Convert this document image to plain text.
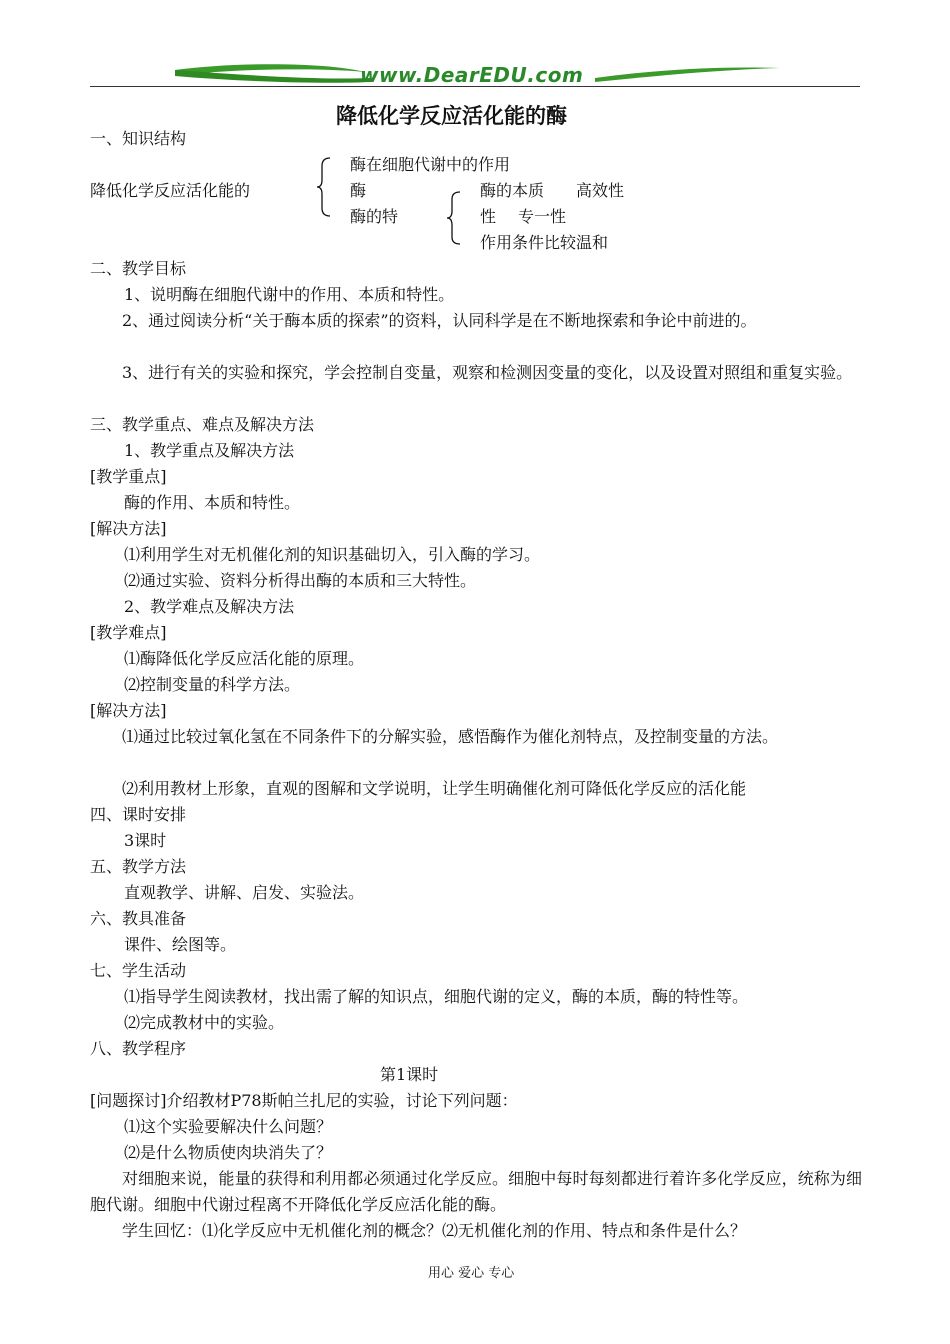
www.DearEDU.com
降低化学反应活化能的酶
一、知识结构
降低化学反应活化能的
酶在细胞代谢中的作用
酶
酶的特
酶的本质 高效性
性 专一性
作用条件比较温和
二、教学目标
1、说明酶在细胞代谢中的作用、本质和特性。
2、通过阅读分析“关于酶本质的探索”的资料，认同科学是在不断地探索和争论中前进的。
3、进行有关的实验和探究，学会控制自变量，观察和检测因变量的变化，以及设置对照组和重复实验。
三、教学重点、难点及解决方法
1、教学重点及解决方法
[教学重点]
酶的作用、本质和特性。
[解决方法]
⑴利用学生对无机催化剂的知识基础切入，引入酶的学习。
⑵通过实验、资料分析得出酶的本质和三大特性。
2、教学难点及解决方法
[教学难点]
⑴酶降低化学反应活化能的原理。
⑵控制变量的科学方法。
[解决方法]
⑴通过比较过氧化氢在不同条件下的分解实验，感悟酶作为催化剂特点，及控制变量的方法。
⑵利用教材上形象，直观的图解和文学说明，让学生明确催化剂可降低化学反应的活化能
四、课时安排
3课时
五、教学方法
直观教学、讲解、启发、实验法。
六、教具准备
课件、绘图等。
七、学生活动
⑴指导学生阅读教材，找出需了解的知识点，细胞代谢的定义，酶的本质，酶的特性等。
⑵完成教材中的实验。
八、教学程序
第1课时
[问题探讨]介绍教材P78斯帕兰扎尼的实验，讨论下列问题：
⑴这个实验要解决什么问题？
⑵是什么物质使肉块消失了？
对细胞来说，能量的获得和利用都必须通过化学反应。细胞中每时每刻都进行着许多化学反应，统称为细胞代谢。细胞中代谢过程离不开降低化学反应活化能的酶。
学生回忆：⑴化学反应中无机催化剂的概念？⑵无机催化剂的作用、特点和条件是什么？
用心 爱心 专心
